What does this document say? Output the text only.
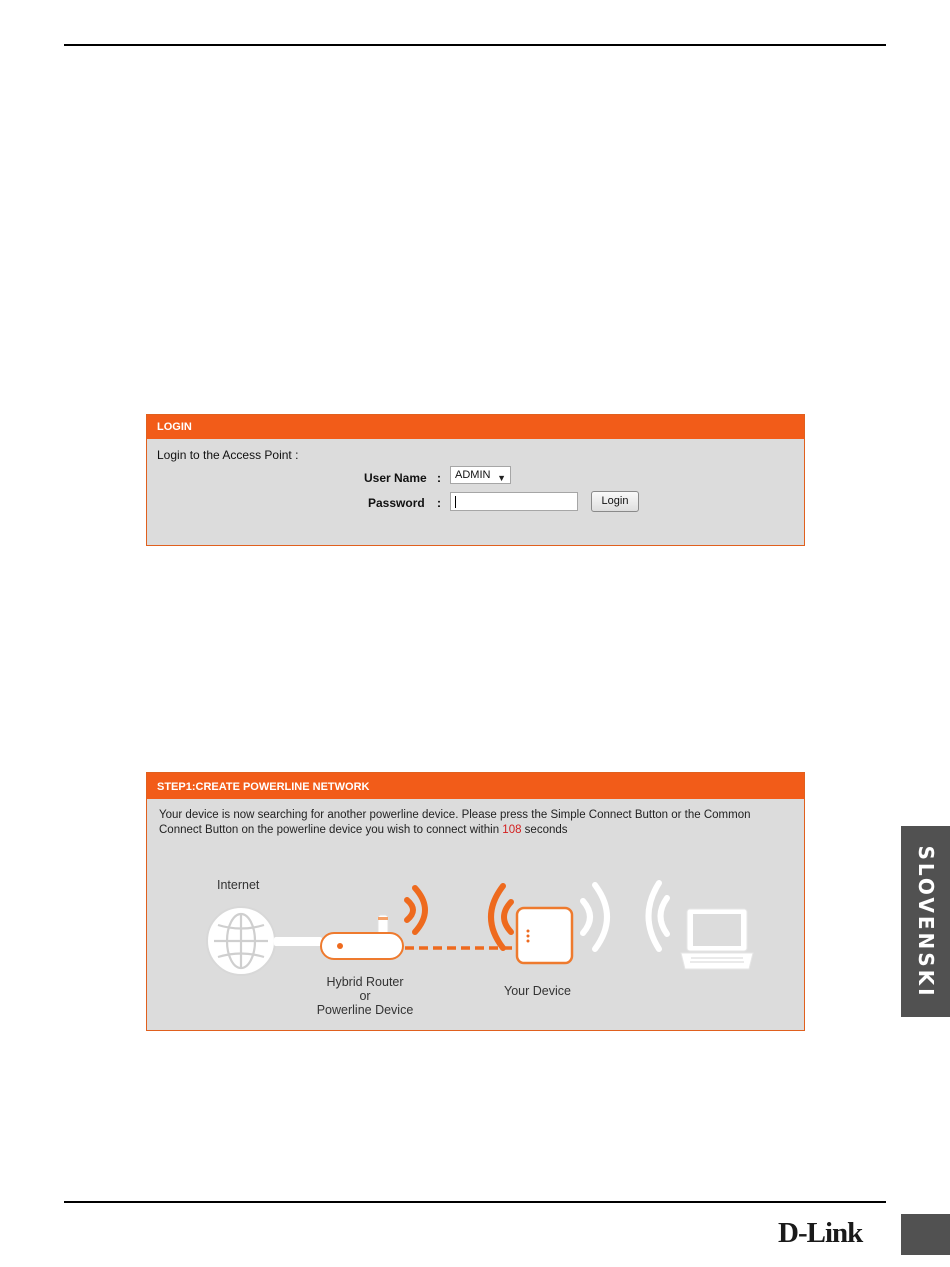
LOGIN
Login to the Access Point :
User Name :	ADMIN ▼
Password :	Login
STEP1:CREATE POWERLINE NETWORK
Your device is now searching for another powerline device. Please press the Simple Connect Button or the Common Connect Button on the powerline device you wish to connect within 108 seconds
Internet
Hybrid Router
or
Powerline Device
Your Device	SLOVENSKI
D-Link
